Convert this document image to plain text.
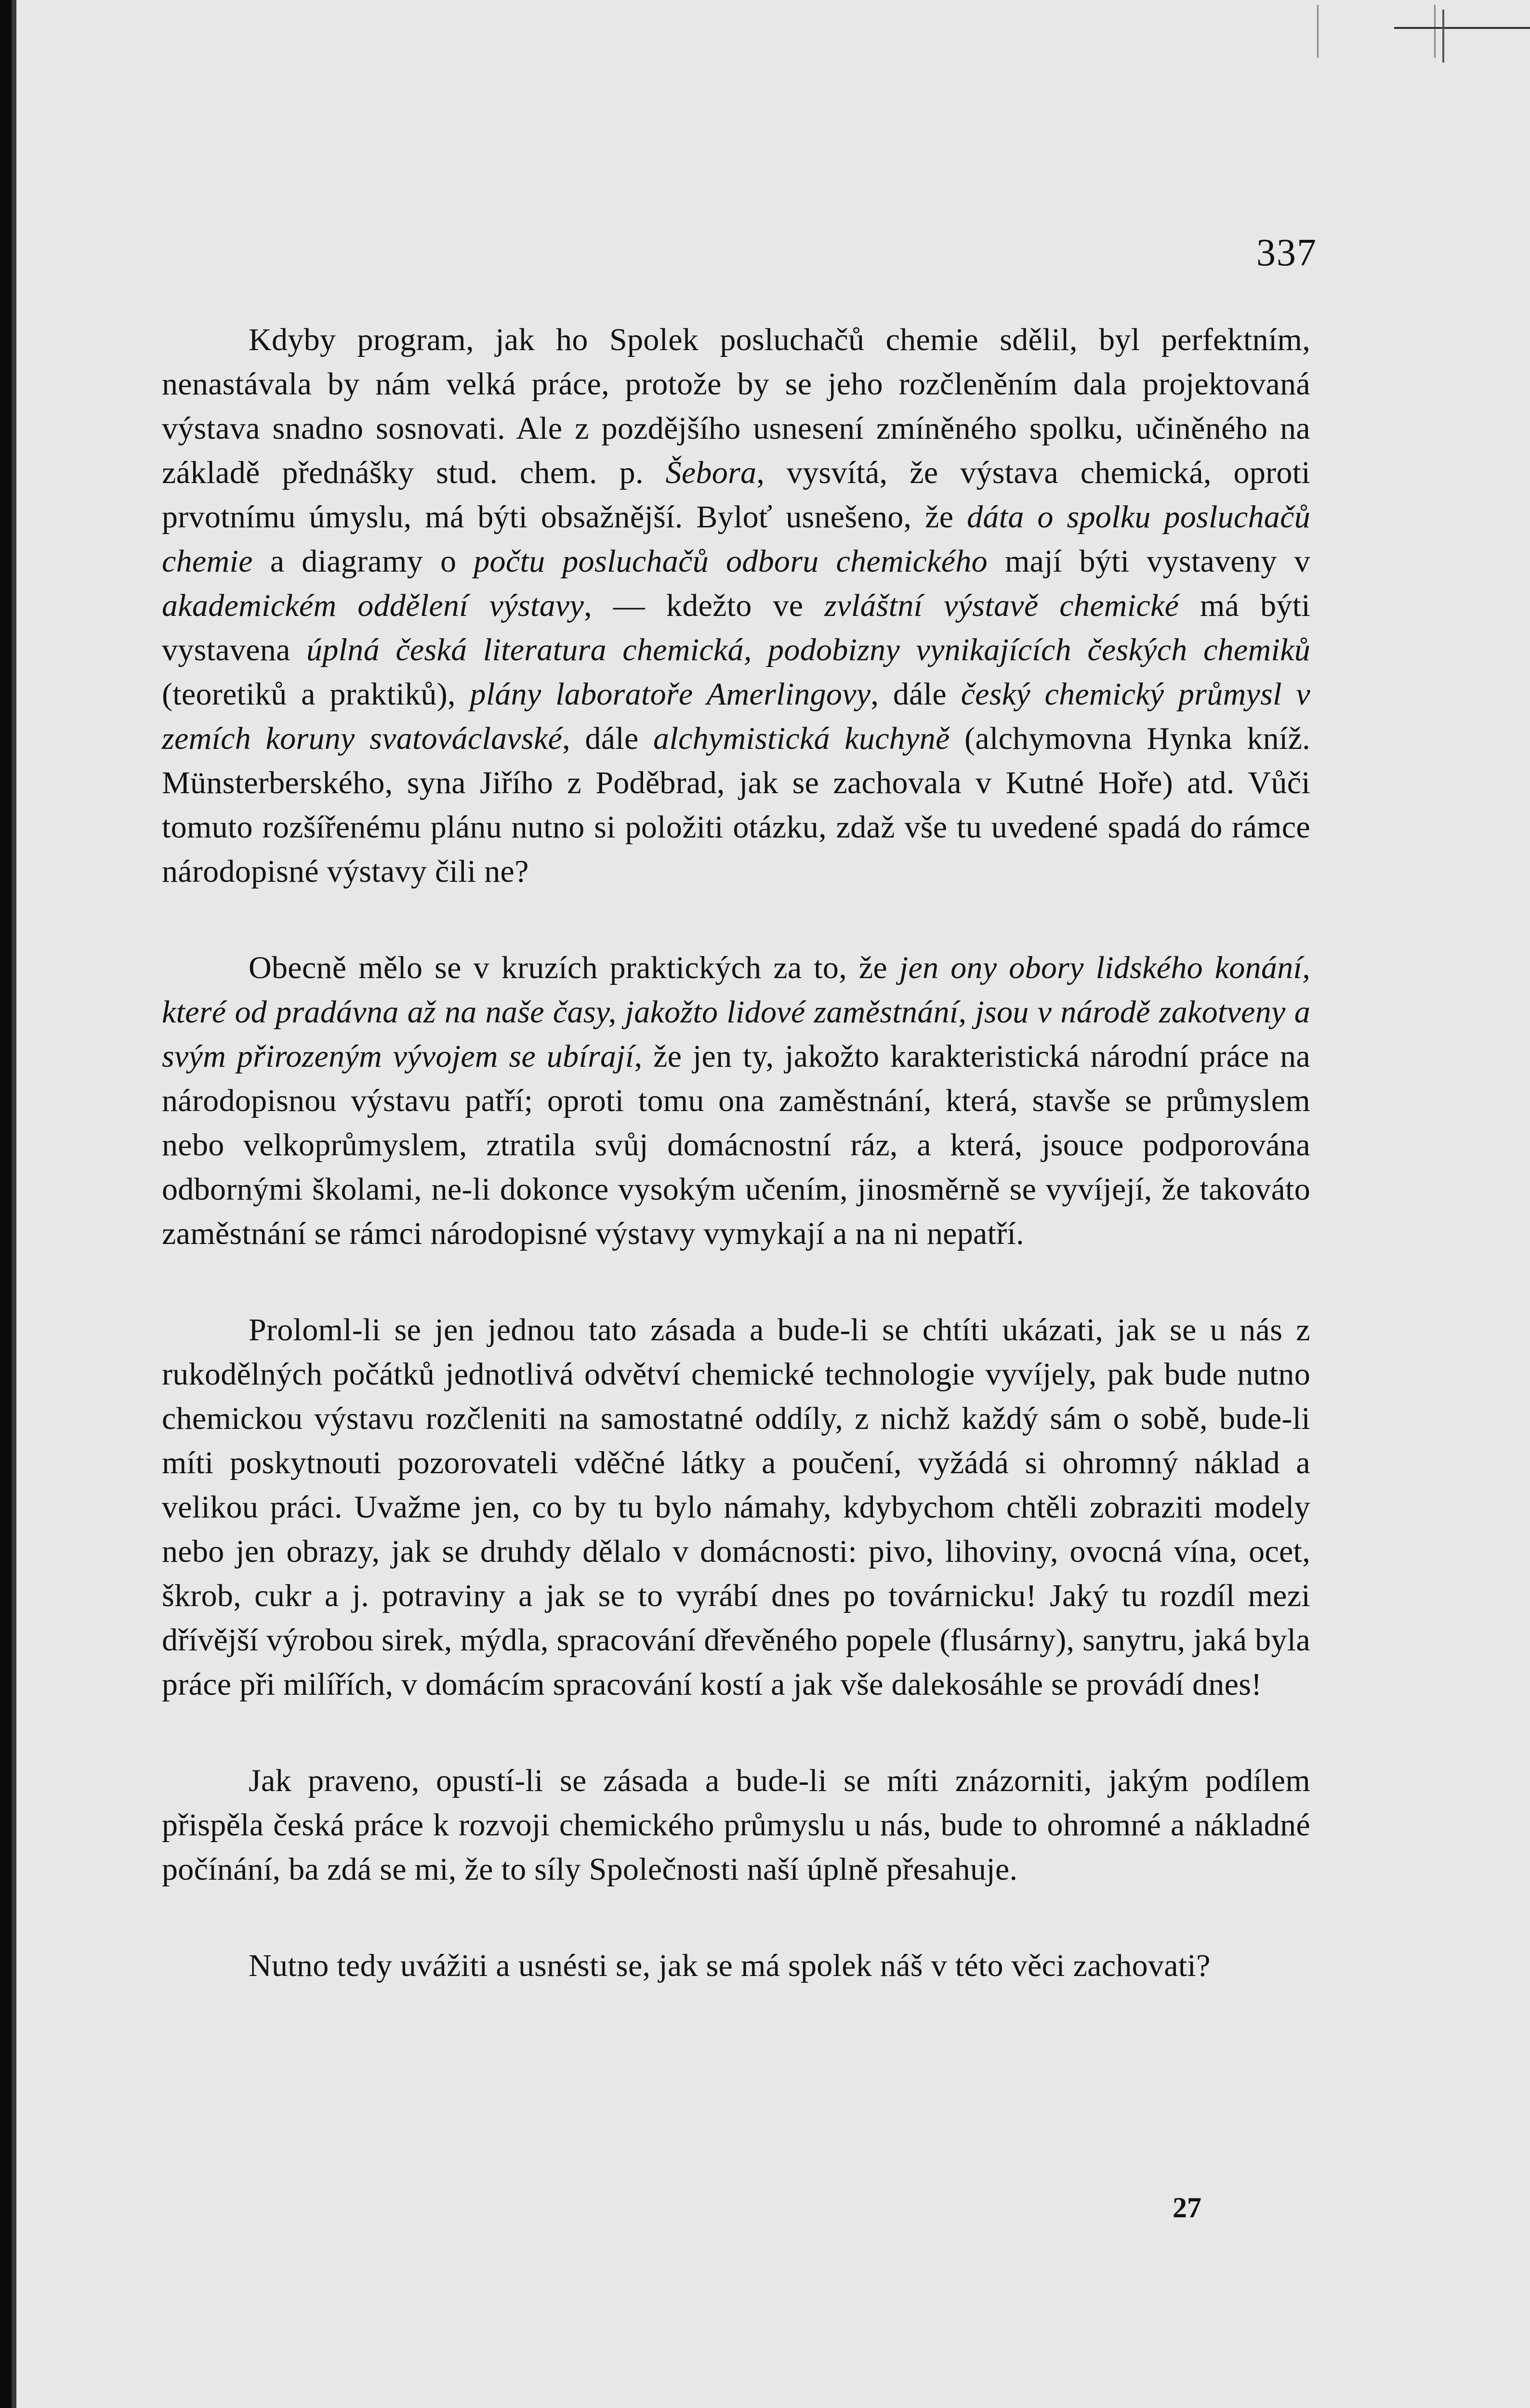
337

Kdyby program, jak ho Spolek posluchačů chemie sdělil, byl perfektním, nenastávala by nám velká práce, protože by se jeho rozčleněním dala projektovaná výstava snadno sosnovati. Ale z pozdějšího usnesení zmíněného spolku, učiněného na základě přednášky stud. chem. p. Šebora, vysvítá, že výstava chemická, oproti prvotnímu úmyslu, má býti obsažnější. Byloť usnešeno, že dáta o spolku posluchačů chemie a diagramy o počtu posluchačů odboru chemického mají býti vystaveny v akademickém oddělení výstavy, — kdežto ve zvláštní výstavě chemické má býti vystavena úplná česká literatura chemická, podobizny vynikajících českých chemiků (teoretiků a praktiků), plány laboratoře Amerlingovy, dále český chemický průmysl v zemích koruny svatováclavské, dále alchymistická kuchyně (alchymovna Hynka kníž. Münsterberského, syna Jiřího z Poděbrad, jak se zachovala v Kutné Hoře) atd. Vůči tomuto rozšířenému plánu nutno si položiti otázku, zdaž vše tu uvedené spadá do rámce národopisné výstavy čili ne?

Obecně mělo se v kruzích praktických za to, že jen ony obory lidského konání, které od pradávna až na naše časy, jakožto lidové zaměstnání, jsou v národě zakotveny a svým přirozeným vývojem se ubírají, že jen ty, jakožto karakteristická národní práce na národopisnou výstavu patří; oproti tomu ona zaměstnání, která, stavše se průmyslem nebo velkoprůmyslem, ztratila svůj domácnostní ráz, a která, jsouce podporována odbornými školami, ne-li dokonce vysokým učením, jinosměrně se vyvíjejí, že takováto zaměstnání se rámci národopisné výstavy vymykají a na ni nepatří.

Proloml-li se jen jednou tato zásada a bude-li se chtíti ukázati, jak se u nás z rukodělných počátků jednotlivá odvětví chemické technologie vyvíjely, pak bude nutno chemickou výstavu rozčleniti na samostatné oddíly, z nichž každý sám o sobě, bude-li míti poskytnouti pozorovateli vděčné látky a poučení, vyžádá si ohromný náklad a velikou práci. Uvažme jen, co by tu bylo námahy, kdybychom chtěli zobraziti modely nebo jen obrazy, jak se druhdy dělalo v domácnosti: pivo, lihoviny, ovocná vína, ocet, škrob, cukr a j. potraviny a jak se to vyrábí dnes po továrnicku! Jaký tu rozdíl mezi dřívější výrobou sirek, mýdla, spracování dřevěného popele (flusárny), sanytru, jaká byla práce při milířích, v domácím spracování kostí a jak vše dalekosáhle se provádí dnes!

Jak praveno, opustí-li se zásada a bude-li se míti znázorniti, jakým podílem přispěla česká práce k rozvoji chemického průmyslu u nás, bude to ohromné a nákladné počínání, ba zdá se mi, že to síly Společnosti naší úplně přesahuje.

Nutno tedy uvážiti a usnésti se, jak se má spolek náš v této věci zachovati?

27
